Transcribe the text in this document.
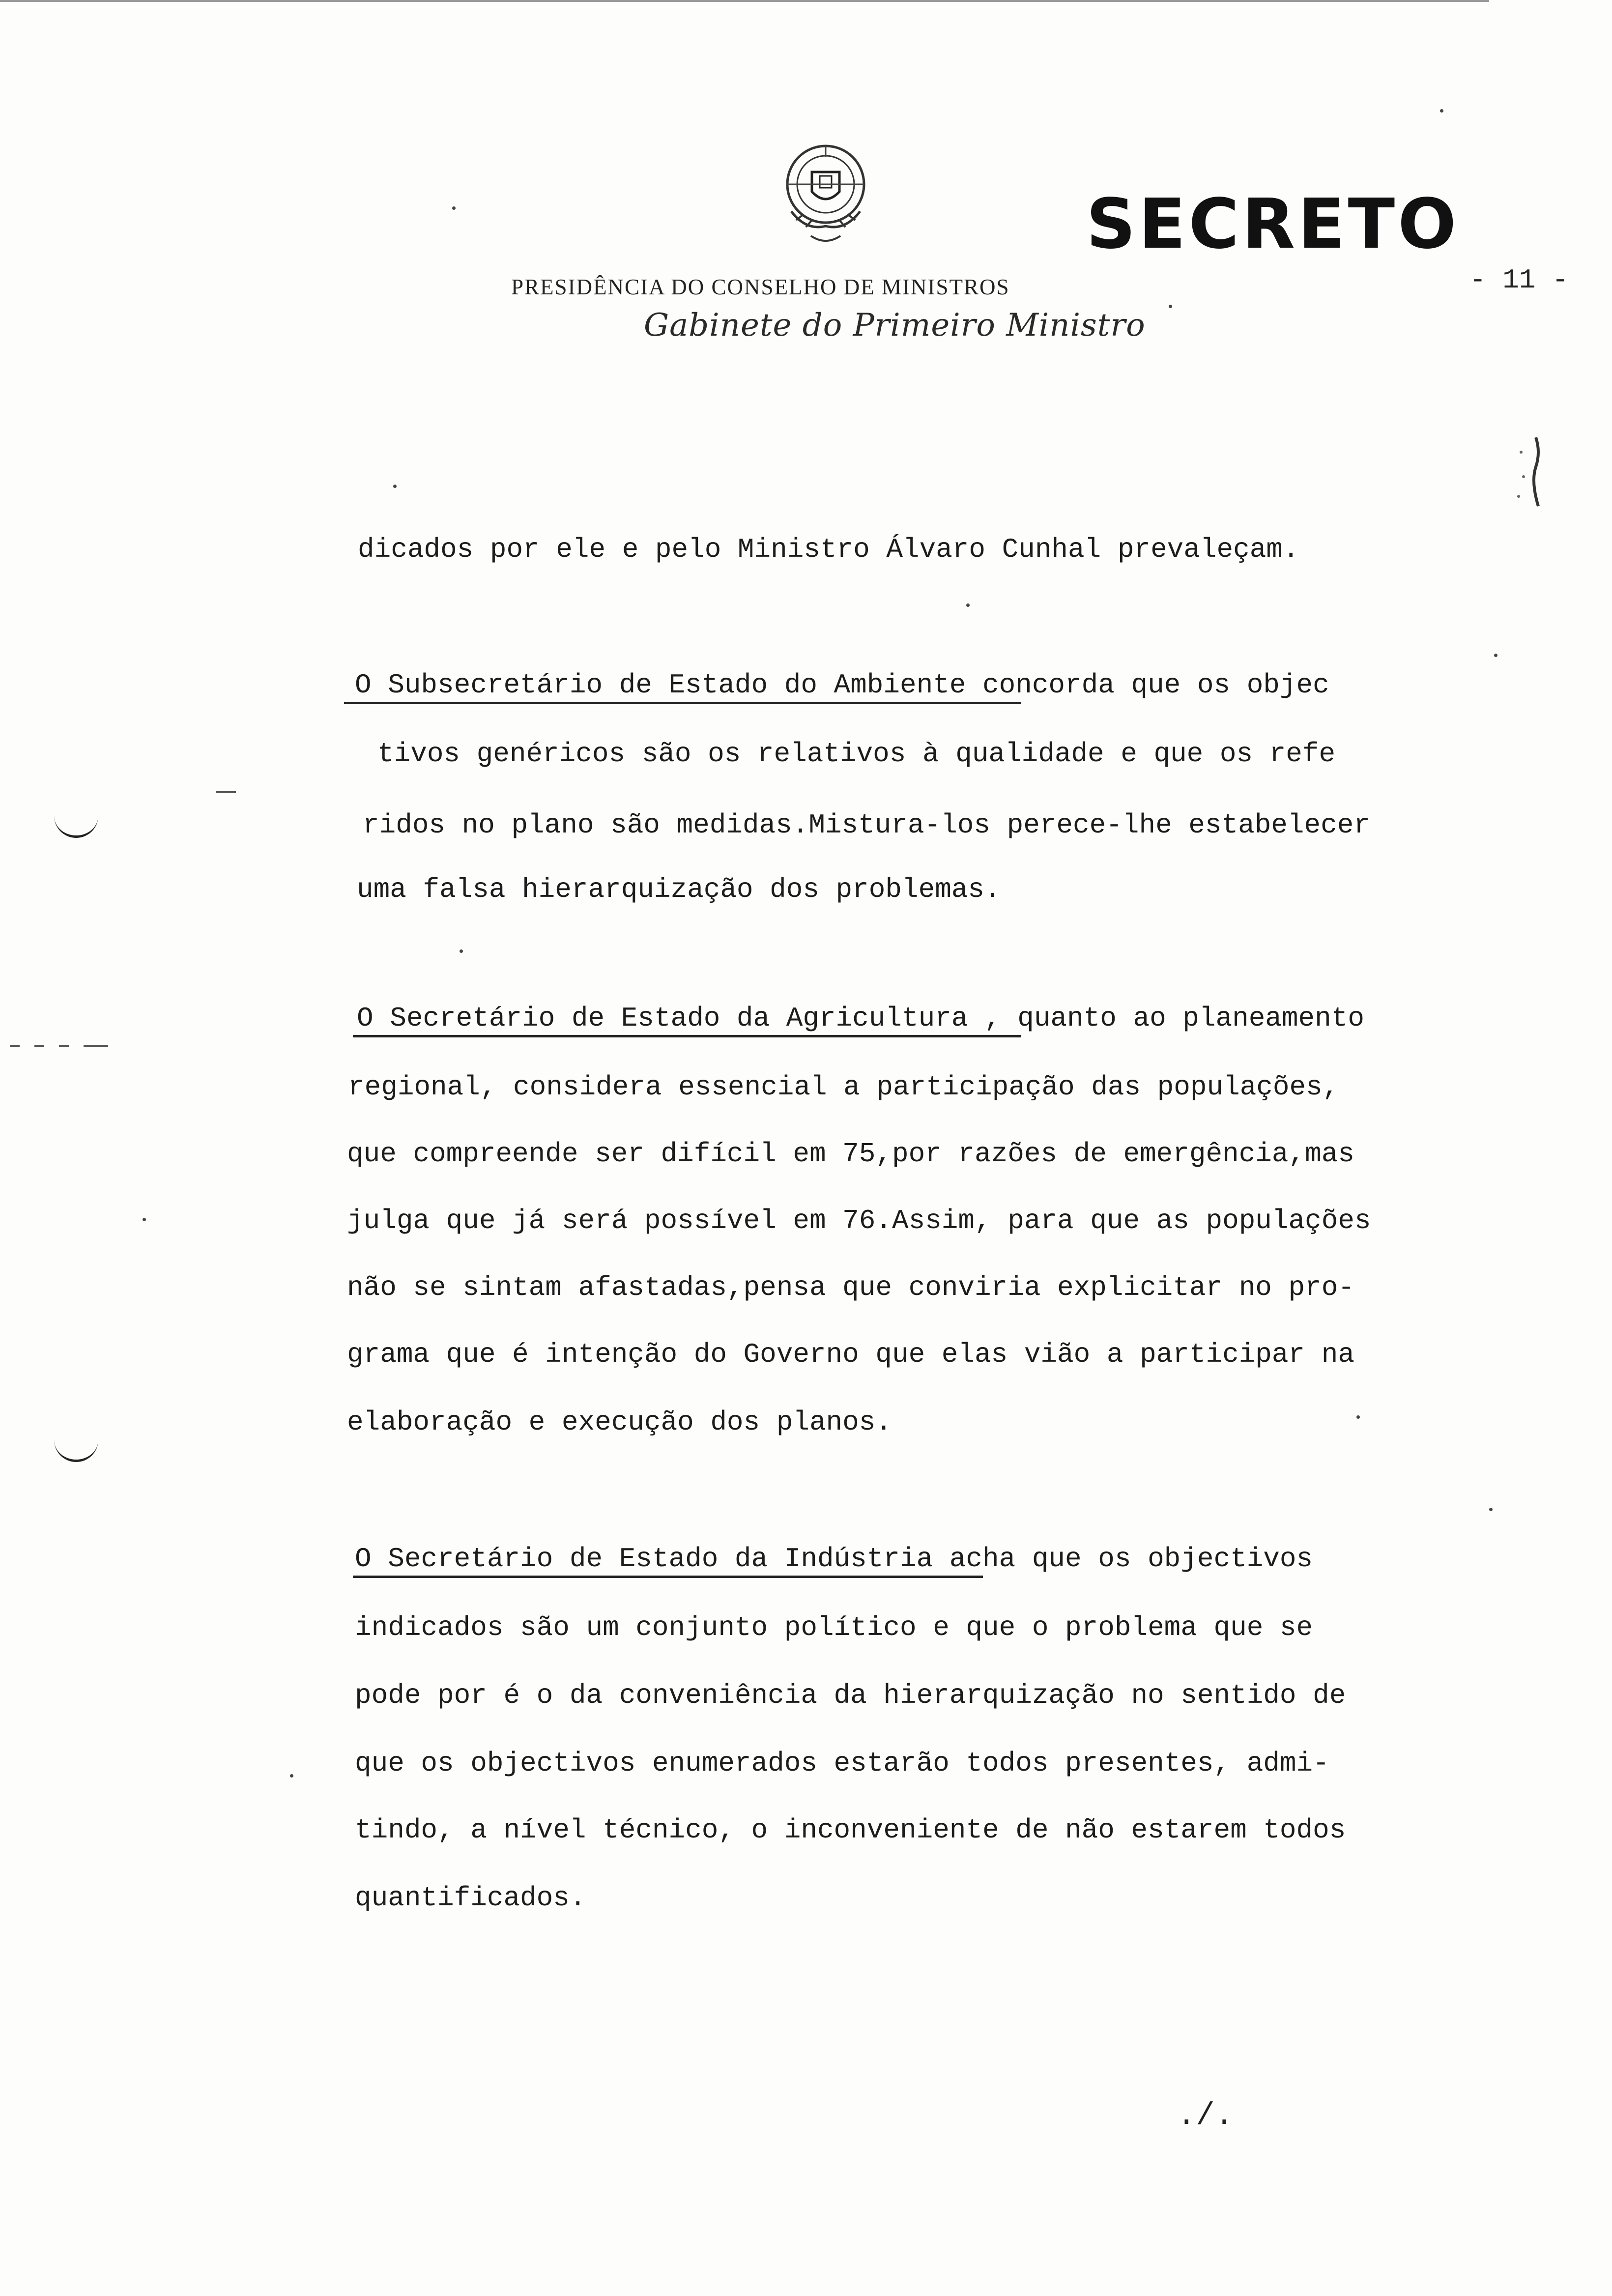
SECRETO
PRESIDÊNCIA DO CONSELHO DE MINISTROS
Gabinete do Primeiro Ministro
- 11 -
dicados por ele e pelo Ministro Álvaro Cunhal prevaleçam.
O Subsecretário de Estado do Ambiente concorda que os objec
tivos genéricos são os relativos à qualidade e que os refe
ridos no plano são medidas.Mistura-los perece-lhe estabelecer
uma falsa hierarquização dos problemas.
O Secretário de Estado da Agricultura , quanto ao planeamento
regional, considera essencial a participação das populações,
que compreende ser difícil em 75,por razões de emergência,mas
julga que já será possível em 76.Assim, para que as populações
não se sintam afastadas,pensa que conviria explicitar no pro-
grama que é intenção do Governo que elas vião a participar na
elaboração e execução dos planos.
O Secretário de Estado da Indústria acha que os objectivos
indicados são um conjunto político e que o problema que se
pode por é o da conveniência da hierarquização no sentido de
que os objectivos enumerados estarão todos presentes, admi-
tindo, a nível técnico, o inconveniente de não estarem todos
quantificados.
./.
